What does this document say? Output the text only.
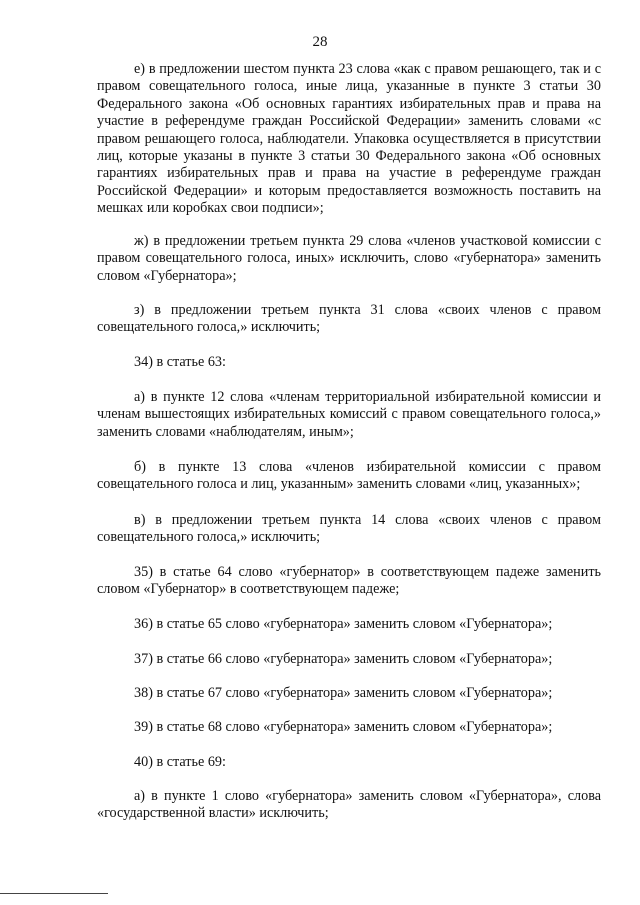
28

е) в предложении шестом пункта 23 слова «как с правом решающего, так и с правом совещательного голоса, иные лица, указанные в пункте 3 статьи 30 Федерального закона «Об основных гарантиях избирательных прав и права на участие в референдуме граждан Российской Федерации» заменить словами «с правом решающего голоса, наблюдатели. Упаковка осуществляется в присутствии лиц, которые указаны в пункте 3 статьи 30 Федерального закона «Об основных гарантиях избирательных прав и права на участие в референдуме граждан Российской Федерации» и которым предоставляется возможность поставить на мешках или коробках свои подписи»;

ж) в предложении третьем пункта 29 слова «членов участковой комиссии с правом совещательного голоса, иных» исключить, слово «губернатора» заменить словом «Губернатора»;

з) в предложении третьем пункта 31 слова «своих членов с правом совещательного голоса,» исключить;

34) в статье 63:

а) в пункте 12 слова «членам территориальной избирательной комиссии и членам вышестоящих избирательных комиссий с правом совещательного голоса,» заменить словами «наблюдателям, иным»;

б) в пункте 13 слова «членов избирательной комиссии с правом совещательного голоса и лиц, указанным» заменить словами «лиц, указанных»;

в) в предложении третьем пункта 14 слова «своих членов с правом совещательного голоса,» исключить;

35) в статье 64 слово «губернатор» в соответствующем падеже заменить словом «Губернатор» в соответствующем падеже;

36) в статье 65 слово «губернатора» заменить словом «Губернатора»;

37) в статье 66 слово «губернатора» заменить словом «Губернатора»;

38) в статье 67 слово «губернатора» заменить словом «Губернатора»;

39) в статье 68 слово «губернатора» заменить словом «Губернатора»;

40) в статье 69:

а) в пункте 1 слово «губернатора» заменить словом «Губернатора», слова «государственной власти» исключить;
